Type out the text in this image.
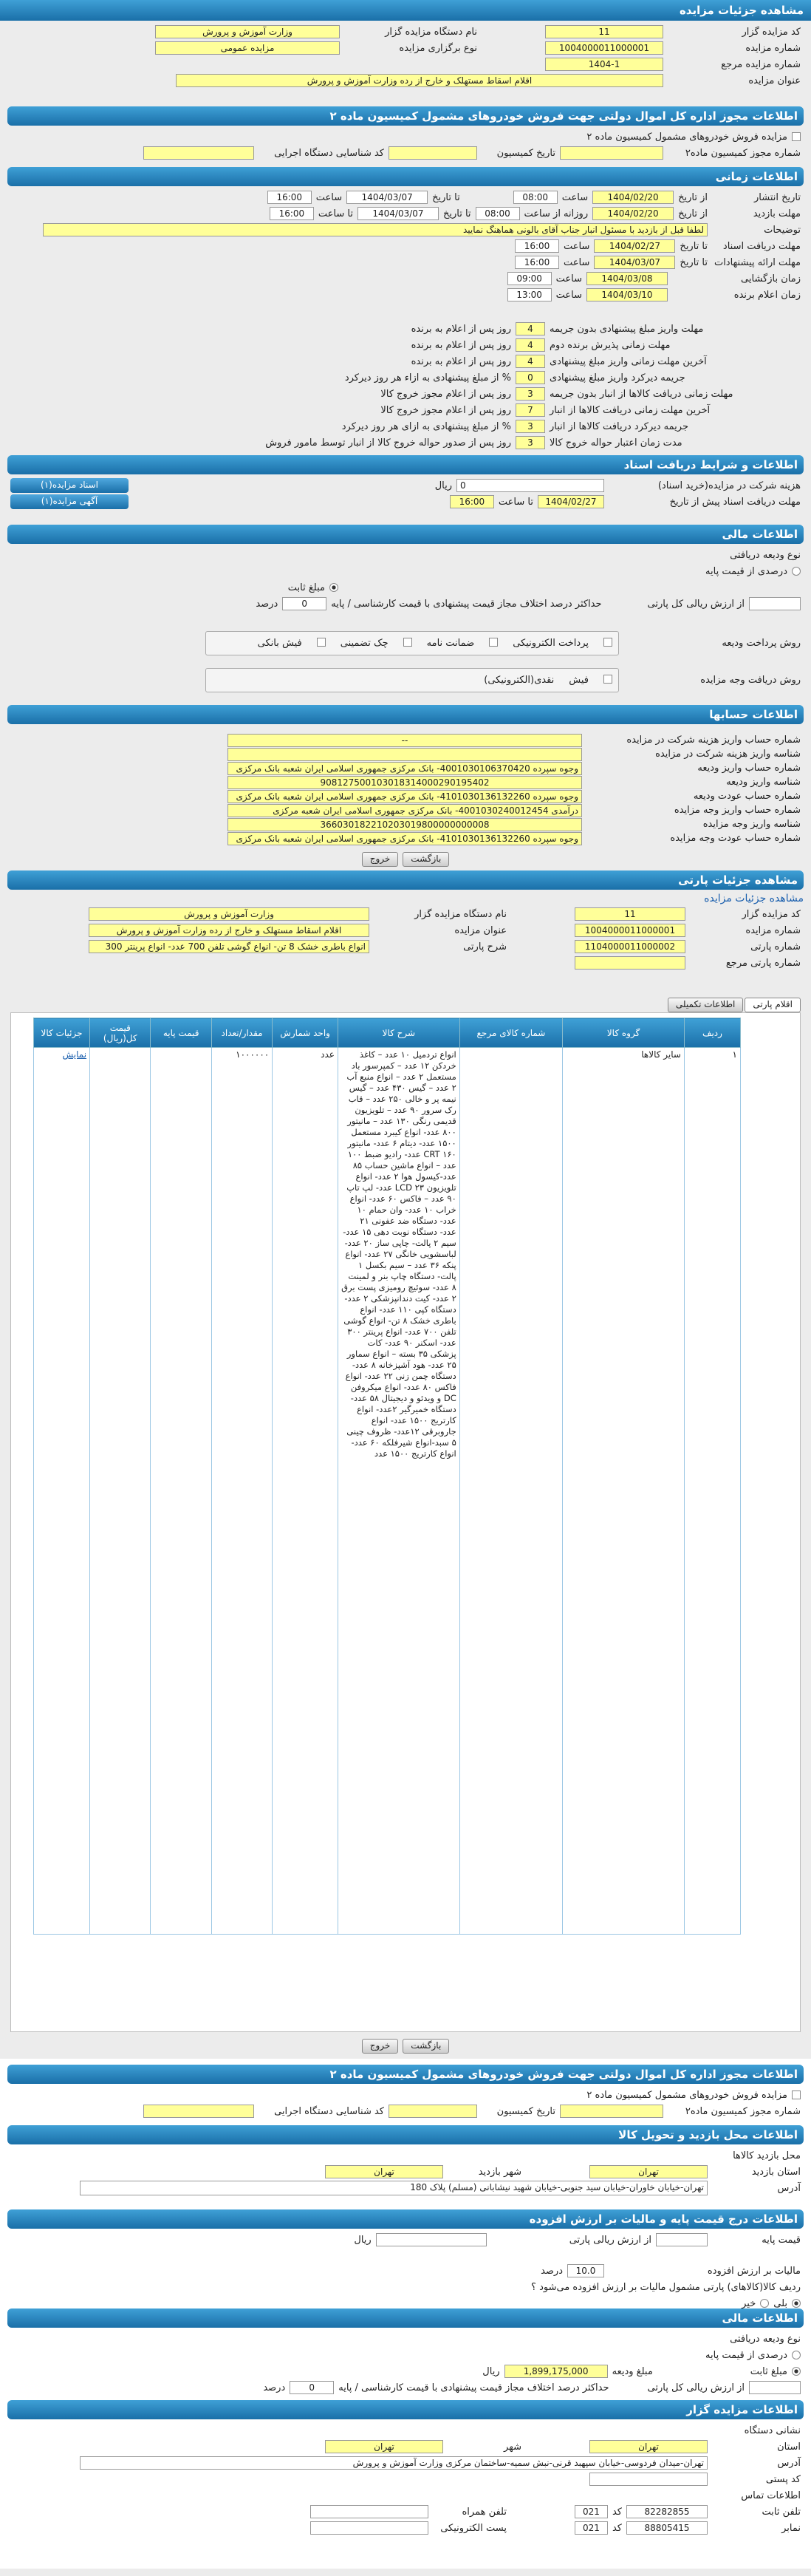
مشاهده جزئیات مزایده
کد مزایده گزار
11
نام دستگاه مزایده گزار
وزارت آموزش و پرورش
شماره مزایده
1004000011000001
نوع برگزاری مزایده
مزایده عمومی
شماره مزایده مرجع
1404-1
عنوان مزایده
اقلام اسقاط مستهلک و خارج از رده وزارت آموزش و پرورش
اطلاعات مجوز اداره کل اموال دولتی جهت فروش خودروهای مشمول کمیسیون ماده ۲
مزایده فروش خودروهای مشمول کمیسیون ماده ۲
شماره مجوز کمیسیون ماده۲
تاریخ کمیسیون
کد شناسایی دستگاه اجرایی
اطلاعات زمانی
تاریخ انتشار
از تاریخ
1404/02/20
ساعت
08:00
تا تاریخ
1404/03/07
ساعت
16:00
مهلت بازدید
از تاریخ
1404/02/20
روزانه از ساعت
08:00
تا تاریخ
1404/03/07
تا ساعت
16:00
توضیحات
لطفا قبل از بازدید با مسئول انبار جناب آقای بالونی هماهنگ نمایید
مهلت دریافت اسناد
تا تاریخ
1404/02/27
ساعت
16:00
مهلت ارائه پیشنهادات
تا تاریخ
1404/03/07
ساعت
16:00
زمان بازگشایی
1404/03/08
ساعت
09:00
زمان اعلام برنده
1404/03/10
ساعت
13:00
مهلت واریز مبلغ پیشنهادی بدون جریمه
4
روز پس از اعلام به برنده
مهلت زمانی پذیرش برنده دوم
4
روز پس از اعلام به برنده
آخرین مهلت زمانی واریز مبلغ پیشنهادی
4
روز پس از اعلام به برنده
جریمه دیرکرد واریز مبلغ پیشنهادی
0
% از مبلغ پیشنهادی به ازاء هر روز دیرکرد
مهلت زمانی دریافت کالاها از انبار بدون جریمه
3
روز پس از اعلام مجوز خروج کالا
آخرین مهلت زمانی دریافت کالاها از انبار
7
روز پس از اعلام مجوز خروج کالا
جریمه دیرکرد دریافت کالاها از انبار
3
% از مبلغ پیشنهادی به ازای هر روز دیرکرد
مدت زمان اعتبار حواله خروج کالا
3
روز پس از صدور حواله خروج کالا از انبار توسط مامور فروش
اطلاعات و شرایط دریافت اسناد
هزینه شرکت در مزایده(خرید اسناد)
0
ریال
اسناد مزایده(۱)
مهلت دریافت اسناد پیش از تاریخ
1404/02/27
تا ساعت
16:00
آگهی مزایده(۱)
اطلاعات مالی
نوع ودیعه دریافتی
درصدی از قیمت پایه
مبلغ ثابت
از ارزش ریالی کل پارتی
حداکثر درصد اختلاف مجاز قیمت پیشنهادی با قیمت کارشناسی / پایه
0
درصد
روش پرداخت ودیعه
پرداخت الکترونیکی
ضمانت نامه
چک تضمینی
فیش بانکی
روش دریافت وجه مزایده
فیش
نقدی(الکترونیکی)
اطلاعات حسابها
شماره حساب واریز هزینه شرکت در مزایده
--
شناسه واریز هزینه شرکت در مزایده
شماره حساب واریز ودیعه
وجوه سپرده 4001030106370420- بانک مرکزی جمهوری اسلامی ایران شعبه بانک مرکزی
شناسه واریز ودیعه
908127500103018314000290195402
شماره حساب عودت ودیعه
وجوه سپرده 4101030136132260- بانک مرکزی جمهوری اسلامی ایران شعبه بانک مرکزی
شماره حساب واریز وجه مزایده
درآمدی 4001030240012454- بانک مرکزی جمهوری اسلامی ایران شعبه مرکزی
شناسه واریز وجه مزایده
366030182210203019800000000008
شماره حساب عودت وجه مزایده
وجوه سپرده 4101030136132260- بانک مرکزی جمهوری اسلامی ایران شعبه بانک مرکزی
بازگشت
خروج
مشاهده جزئیات پارتی
مشاهده جزئیات مزایده
کد مزایده گزار
11
نام دستگاه مزایده گزار
وزارت آموزش و پرورش
شماره مزایده
1004000011000001
عنوان مزایده
اقلام اسقاط مستهلک و خارج از رده وزارت آموزش و پرورش
شماره پارتی
1104000011000002
شرح پارتی
انواع باطری خشک 8 تن- انواع گوشی تلفن 700 عدد- انواع پرینتر 300
شماره پارتی مرجع
اقلام پارتی
اطلاعات تکمیلی
ردیف	گروه کالا	شماره کالای مرجع	شرح کالا	واحد شمارش	مقدار/تعداد	قیمت پایه	قیمت کل(ریال)	جزئیات کالا
۱	سایر کالاها		انواع تردمیل ۱۰ عدد – کاغذ خردکن ۱۲ عدد – کمپرسور باد مستعمل ۲ عدد – انواع منبع آب ۲ عدد – گیس ۴۳۰ عدد – گیس نیمه پر و خالی ۲۵۰ عدد – قاب رک سرور ۹۰ عدد – تلویزیون قدیمی رنگی ۱۳۰ عدد – مانیتور ۸۰۰ عدد- انواع کیبرد مستعمل ۱۵۰۰ عدد- دیتام ۶ عدد- مانیتور CRT ۱۶۰ عدد- رادیو ضبط ۱۰۰ عدد – انواع ماشین حساب ۸۵ عدد-کیسول هوا ۲ عدد- انواع تلویزیون LCD ۲۳ عدد- لپ تاپ ۹۰ عدد – فاکس ۶۰ عدد- انواع خراب ۱۰ عدد- وان حمام ۱۰ عدد- دستگاه ضد عفونی ۲۱ عدد- دستگاه نوبت دهی ۱۵ عدد- سیم ۲ پالت- چاپی ساز ۲۰ عدد- لباسشویی خانگی ۲۷ عدد- انواع پنکه ۳۶ عدد – سیم بکسل ۱ پالت- دستگاه چاپ بنر و لمینت ۸ عدد- سوئیچ رومیزی پست برق ۲ عدد- کیت دندانپزشکی ۲ عدد- دستگاه کپی ۱۱۰ عدد- انواع باطری خشک ۸ تن- انواع گوشی تلفن ۷۰۰ عدد- انواع پرینتر ۳۰۰ عدد- اسکنر ۹۰ عدد- کات پزشکی ۳۵ بسته – انواع سماور ۲۵ عدد- هود آشپزخانه ۸ عدد- دستگاه چمن زنی ۲۲ عدد- انواع فاکس ۸۰ عدد- انواع میکروفن DC و ویدئو و دیجیتال ۵۸ عدد- دستگاه خمیرگیر ۲عدد- انواع کارتریج ۱۵۰۰ عدد- انواع جاروبرقی ۱۲عدد- ظروف چینی ۵ سبد-انواع شیرفلکه ۶۰ عدد- انواع کارتریج ۱۵۰۰ عدد	عدد	۱۰۰۰۰۰۰			نمایش
بازگشت
خروج
اطلاعات مجوز اداره کل اموال دولتی جهت فروش خودروهای مشمول کمیسیون ماده ۲
مزایده فروش خودروهای مشمول کمیسیون ماده ۲
شماره مجوز کمیسیون ماده۲
تاریخ کمیسیون
کد شناسایی دستگاه اجرایی
اطلاعات محل بازدید و تحویل کالا
محل بازدید کالاها
استان بازدید
تهران
شهر بازدید
تهران
آدرس
تهران-خیابان خاوران-خیابان سید جنوبی-خیابان شهید نیشابانی (مسلم) پلاک 180
اطلاعات درج قیمت پایه و مالیات بر ارزش افزوده
قیمت پایه
از ارزش ریالی پارتی
ریال
مالیات بر ارزش افزوده
10.0
درصد
ردیف کالا(کالاهای) پارتی مشمول مالیات بر ارزش افزوده می‌شود ؟
بلی
خیر
اطلاعات مالی
نوع ودیعه دریافتی
درصدی از قیمت پایه
مبلغ ثابت
مبلغ ودیعه
1,899,175,000
ریال
از ارزش ریالی کل پارتی
حداکثر درصد اختلاف مجاز قیمت پیشنهادی با قیمت کارشناسی / پایه
0
درصد
اطلاعات مزایده گزار
نشانی دستگاه
استان
تهران
شهر
تهران
آدرس
تهران-میدان فردوسی-خیابان سپهبد قرنی-نبش سمیه-ساختمان مرکزی وزارت آموزش و پرورش
کد پستی
اطلاعات تماس
تلفن ثابت
82282855
کد
021
تلفن همراه
نمابر
88805415
کد
021
پست الکترونیکی
